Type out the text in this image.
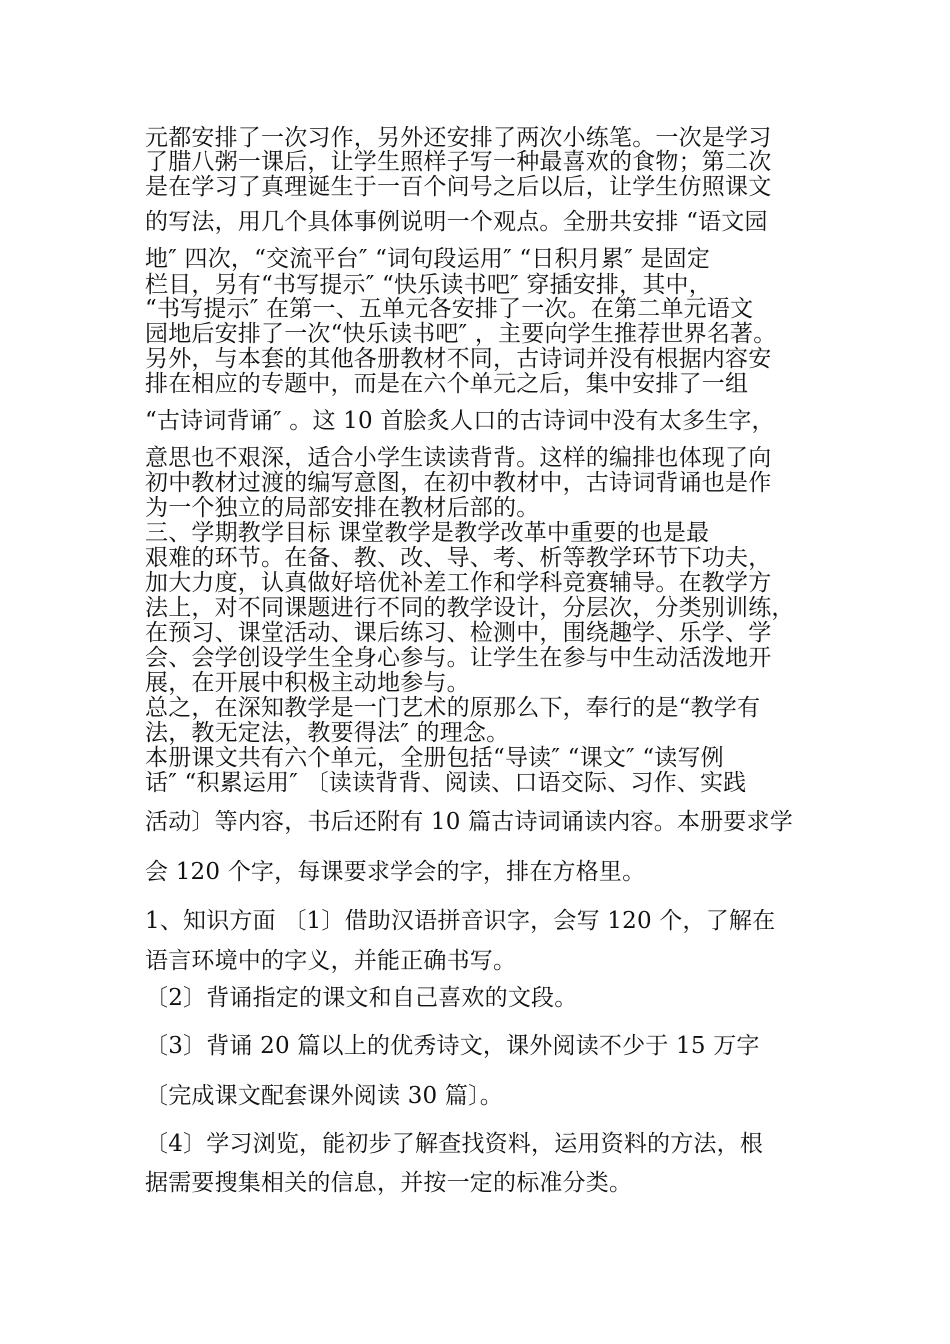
元都安排了一次习作，另外还安排了两次小练笔。一次是学习

了腊八粥一课后，让学生照样子写一种最喜欢的食物；第二次

是在学习了真理诞生于一百个问号之后以后，让学生仿照课文

的写法，用几个具体事例说明一个观点。全册共安排 “语文园

地″ 四次，“交流平台″ “词句段运用″ “日积月累″ 是固定

栏目，另有“书写提示″ “快乐读书吧″ 穿插安排，其中，

“书写提示″ 在第一、五单元各安排了一次。在第二单元语文

园地后安排了一次“快乐读书吧″ ，主要向学生推荐世界名著。

另外，与本套的其他各册教材不同，古诗词并没有根据内容安

排在相应的专题中，而是在六个单元之后，集中安排了一组

“古诗词背诵″ 。这 10 首脍炙人口的古诗词中没有太多生字，

意思也不艰深，适合小学生读读背背。这样的编排也体现了向

初中教材过渡的编写意图，在初中教材中，古诗词背诵也是作

为一个独立的局部安排在教材后部的。

三、学期教学目标 课堂教学是教学改革中重要的也是最

艰难的环节。在备、教、改、导、考、析等教学环节下功夫，

加大力度，认真做好培优补差工作和学科竞赛辅导。在教学方

法上，对不同课题进行不同的教学设计，分层次，分类别训练，

在预习、课堂活动、课后练习、检测中，围绕趣学、乐学、学

会、会学创设学生全身心参与。让学生在参与中生动活泼地开

展，在开展中积极主动地参与。

总之，在深知教学是一门艺术的原那么下，奉行的是“教学有

法，教无定法，教要得法″ 的理念。

本册课文共有六个单元，全册包括“导读″ “课文″ “读写例

话″ “积累运用″ 〔读读背背、阅读、口语交际、习作、实践

活动〕等内容，书后还附有 10 篇古诗词诵读内容。本册要求学

会 120 个字，每课要求学会的字，排在方格里。

1、知识方面 〔1〕借助汉语拼音识字，会写 120 个，了解在

语言环境中的字义，并能正确书写。

〔2〕背诵指定的课文和自己喜欢的文段。

〔3〕背诵 20 篇以上的优秀诗文，课外阅读不少于 15 万字

〔完成课文配套课外阅读 30 篇〕。

〔4〕学习浏览，能初步了解查找资料，运用资料的方法，根

据需要搜集相关的信息，并按一定的标准分类。
